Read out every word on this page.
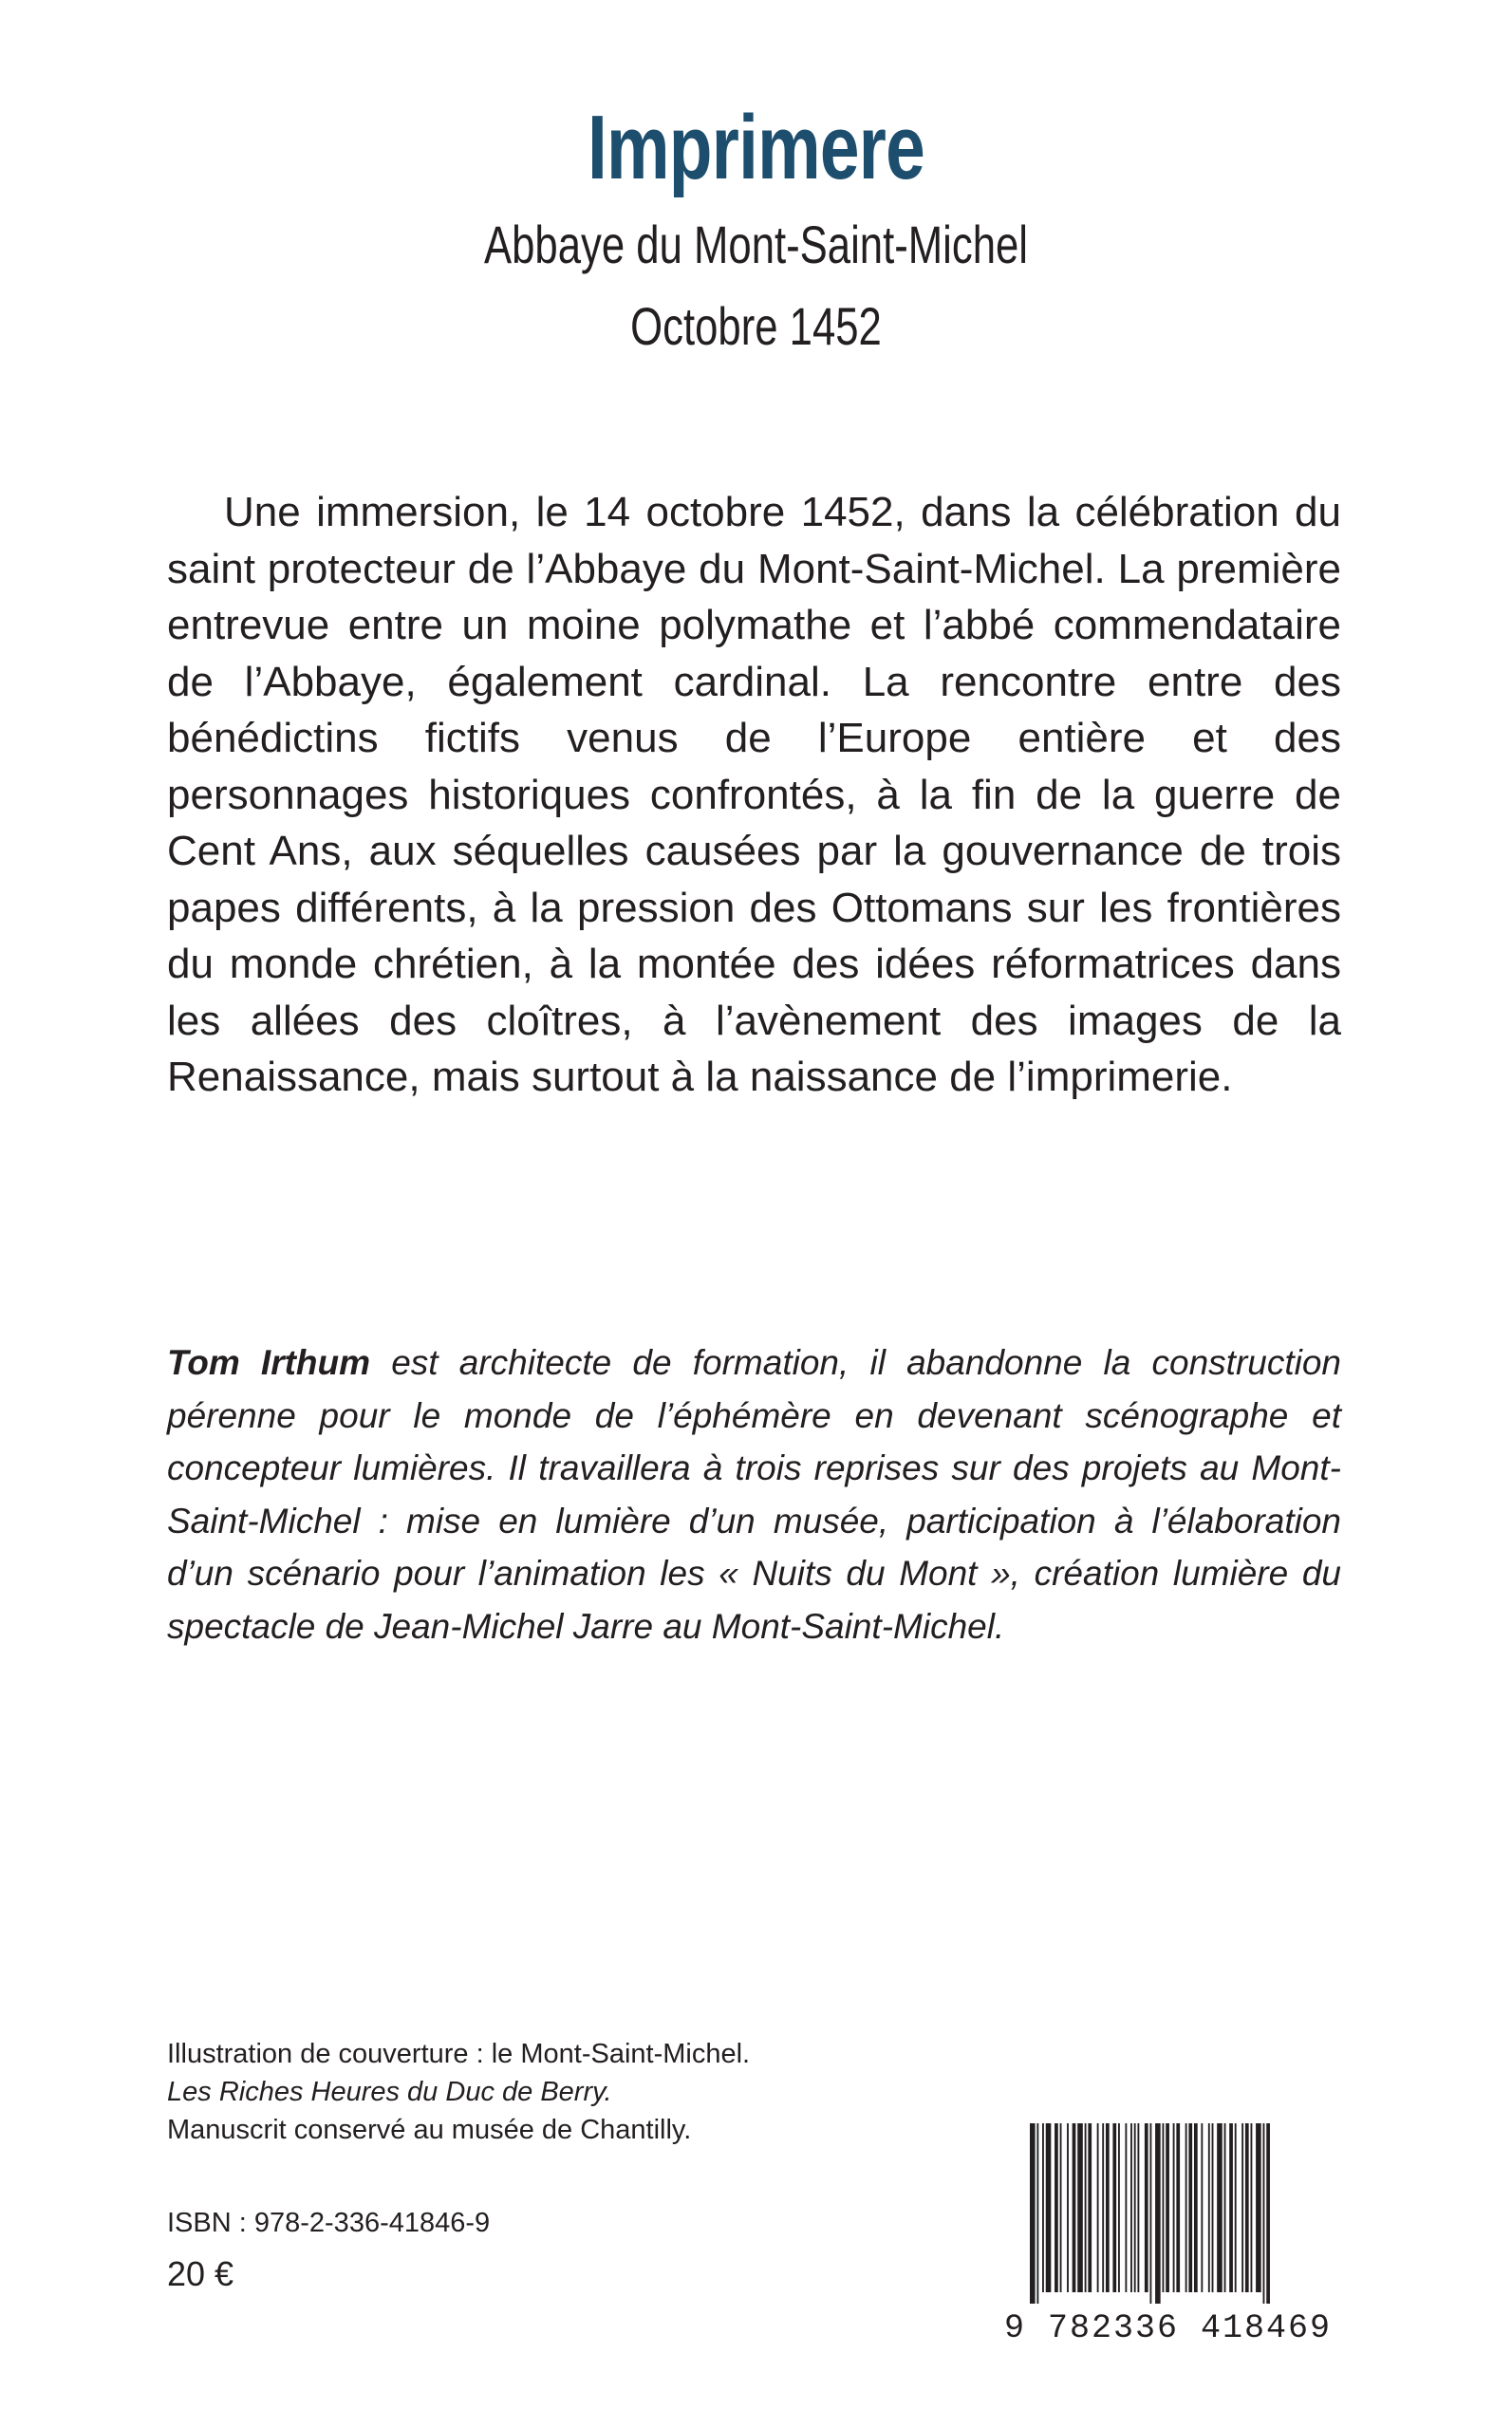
Imprimere
Abbaye du Mont-Saint-Michel
Octobre 1452

Une immersion, le 14 octobre 1452, dans la célébration du saint protecteur de l’Abbaye du Mont-Saint-Michel. La première entrevue entre un moine polymathe et l’abbé commendataire de l’Abbaye, également cardinal. La rencontre entre des bénédictins fictifs venus de l’Europe entière et des personnages historiques confrontés, à la fin de la guerre de Cent Ans, aux séquelles causées par la gouvernance de trois papes différents, à la pression des Ottomans sur les frontières du monde chrétien, à la montée des idées réformatrices dans les allées des cloîtres, à l’avènement des images de la Renaissance, mais surtout à la naissance de l’imprimerie.

Tom Irthum est architecte de formation, il abandonne la construction pérenne pour le monde de l’éphémère en devenant scénographe et concepteur lumières. Il travaillera à trois reprises sur des projets au Mont-Saint-Michel : mise en lumière d’un musée, participation à l’élaboration d’un scénario pour l’animation les « Nuits du Mont », création lumière du spectacle de Jean-Michel Jarre au Mont-Saint-Michel.

Illustration de couverture : le Mont-Saint-Michel.
Les Riches Heures du Duc de Berry.
Manuscrit conservé au musée de Chantilly.
ISBN : 978-2-336-41846-9
20 €
9 782336 418469
